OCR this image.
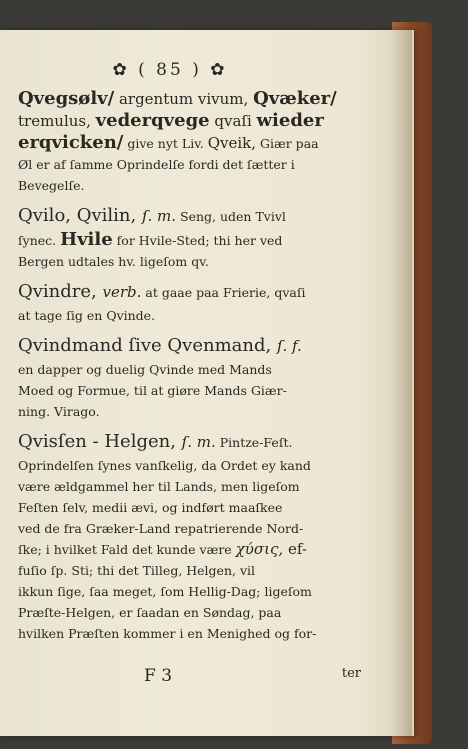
✿ ( 85 ) ✿
Qvegsølv/ argentum vivum, Qvæker/
tremulus, vederqvege qvaſi wieder
erqvicken/ give nyt Liv. Qveik, Giær paa
Øl er af ſamme Oprindelſe fordi det ſætter i
Bevegelſe.
Qvilo, Qvilin, ſ. m. Seng, uden Tvivl
ſynec. Hvile for Hvile-Sted; thi her ved
Bergen udtales hv. ligeſom qv.
Qvindre, verb. at gaae paa Frierie, qvaſi
at tage ſig en Qvinde.
Qvindmand ſive Qvenmand, ſ. f.
en dapper og duelig Qvinde med Mands
Moed og Formue, til at giøre Mands Giær-
ning. Virago.
Qvisſen - Helgen, ſ. m. Pintze-Feſt.
Oprindelſen ſynes vanſkelig, da Ordet ey kand
være ældgammel her til Lands, men ligeſom
Feſten ſelv, medii ævi, og indført maaſkee
ved de fra Græker-Land repatrierende Nord-
ſke; i hvilket Fald det kunde være χύσις, ef-
fuſio ſp. Sti; thi det Tilleg, Helgen, vil
ikkun ſige, ſaa meget, ſom Hellig-Dag; ligeſom
Præſte-Helgen, er ſaadan en Søndag, paa
hvilken Præſten kommer i en Menighed og for-
F 3	ter
